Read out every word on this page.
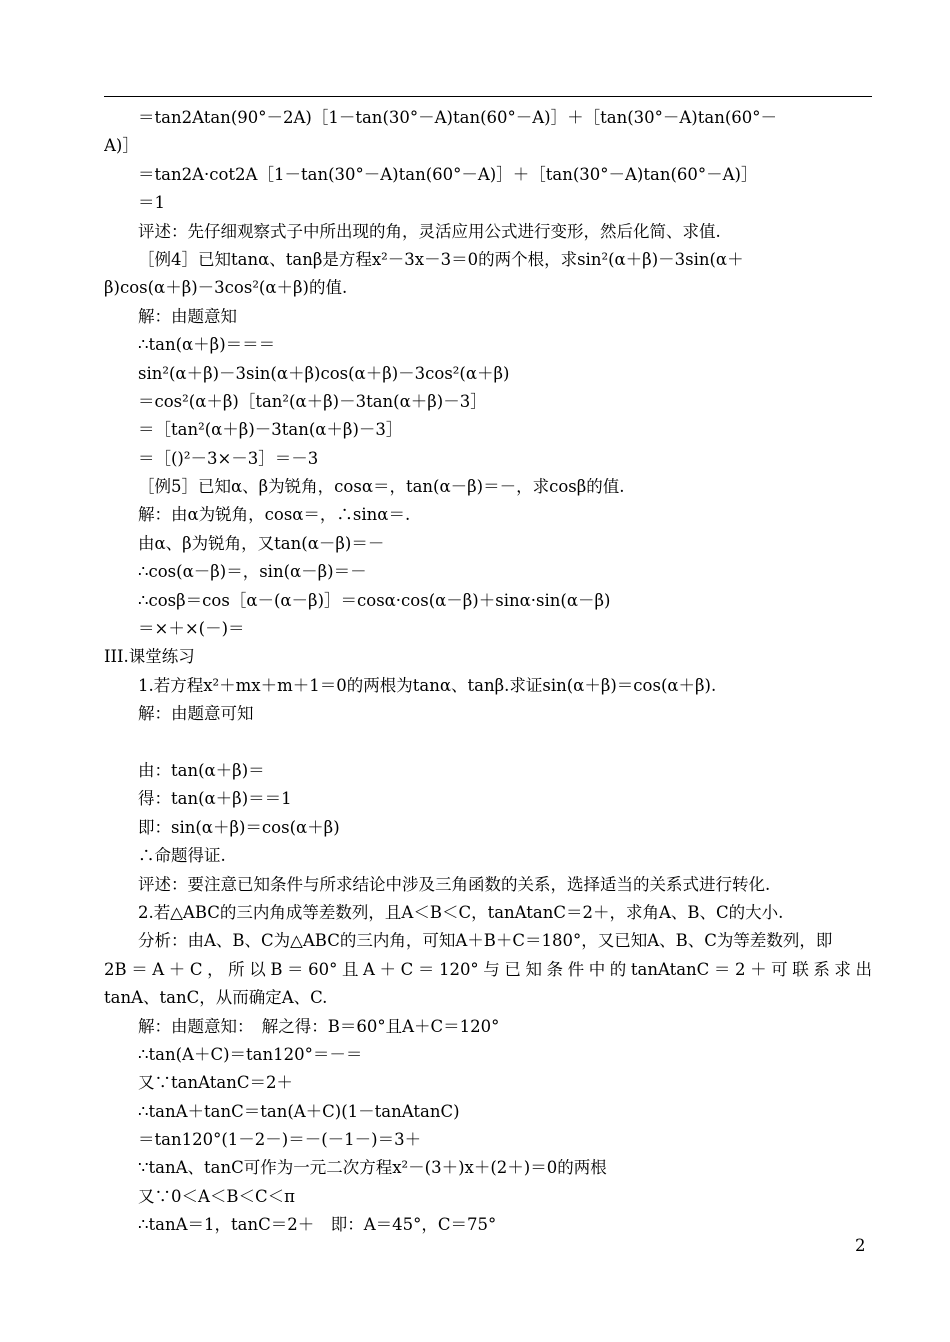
＝tan2Atan(90°－2A)［1－tan(30°－A)tan(60°－A)］＋［tan(30°－A)tan(60°－
A)］
＝tan2A·cot2A［1－tan(30°－A)tan(60°－A)］＋［tan(30°－A)tan(60°－A)］
＝1
评述：先仔细观察式子中所出现的角，灵活应用公式进行变形，然后化简、求值.
［例4］已知tanα、tanβ是方程x²－3x－3＝0的两个根，求sin²(α＋β)－3sin(α＋
β)cos(α＋β)－3cos²(α＋β)的值.
解：由题意知
∴tan(α＋β)＝＝＝
sin²(α＋β)－3sin(α＋β)cos(α＋β)－3cos²(α＋β)
＝cos²(α＋β)［tan²(α＋β)－3tan(α＋β)－3］
＝［tan²(α＋β)－3tan(α＋β)－3］
＝［()²－3×－3］＝－3
［例5］已知α、β为锐角，cosα＝，tan(α－β)＝－，求cosβ的值.
解：由α为锐角，cosα＝，∴sinα＝.
由α、β为锐角，又tan(α－β)＝－
∴cos(α－β)＝，sin(α－β)＝－
∴cosβ＝cos［α－(α－β)］＝cosα·cos(α－β)＋sinα·sin(α－β)
＝×＋×(－)＝
III.课堂练习
1.若方程x²＋mx＋m＋1＝0的两根为tanα、tanβ.求证sin(α＋β)＝cos(α＋β).
解：由题意可知
由：tan(α＋β)＝
得：tan(α＋β)＝＝1
即：sin(α＋β)＝cos(α＋β)
∴命题得证.
评述：要注意已知条件与所求结论中涉及三角函数的关系，选择适当的关系式进行转化.
2.若△ABC的三内角成等差数列，且A＜B＜C，tanAtanC＝2＋，求角A、B、C的大小.
分析：由A、B、C为△ABC的三内角，可知A＋B＋C＝180°，又已知A、B、C为等差数列，即
2B＝A＋C，所以B＝60°且A＋C＝120°与已知条件中的tanAtanC＝2＋可联系求出
tanA、tanC，从而确定A、C.
解：由题意知：　解之得：B＝60°且A＋C＝120°
∴tan(A＋C)＝tan120°＝－＝
又∵tanAtanC＝2＋
∴tanA＋tanC＝tan(A＋C)(1－tanAtanC)
＝tan120°(1－2－)＝－(－1－)＝3＋
∵tanA、tanC可作为一元二次方程x²－(3＋)x＋(2＋)＝0的两根
又∵0＜A＜B＜C＜π
∴tanA＝1，tanC＝2＋　即：A＝45°，C＝75°
2
